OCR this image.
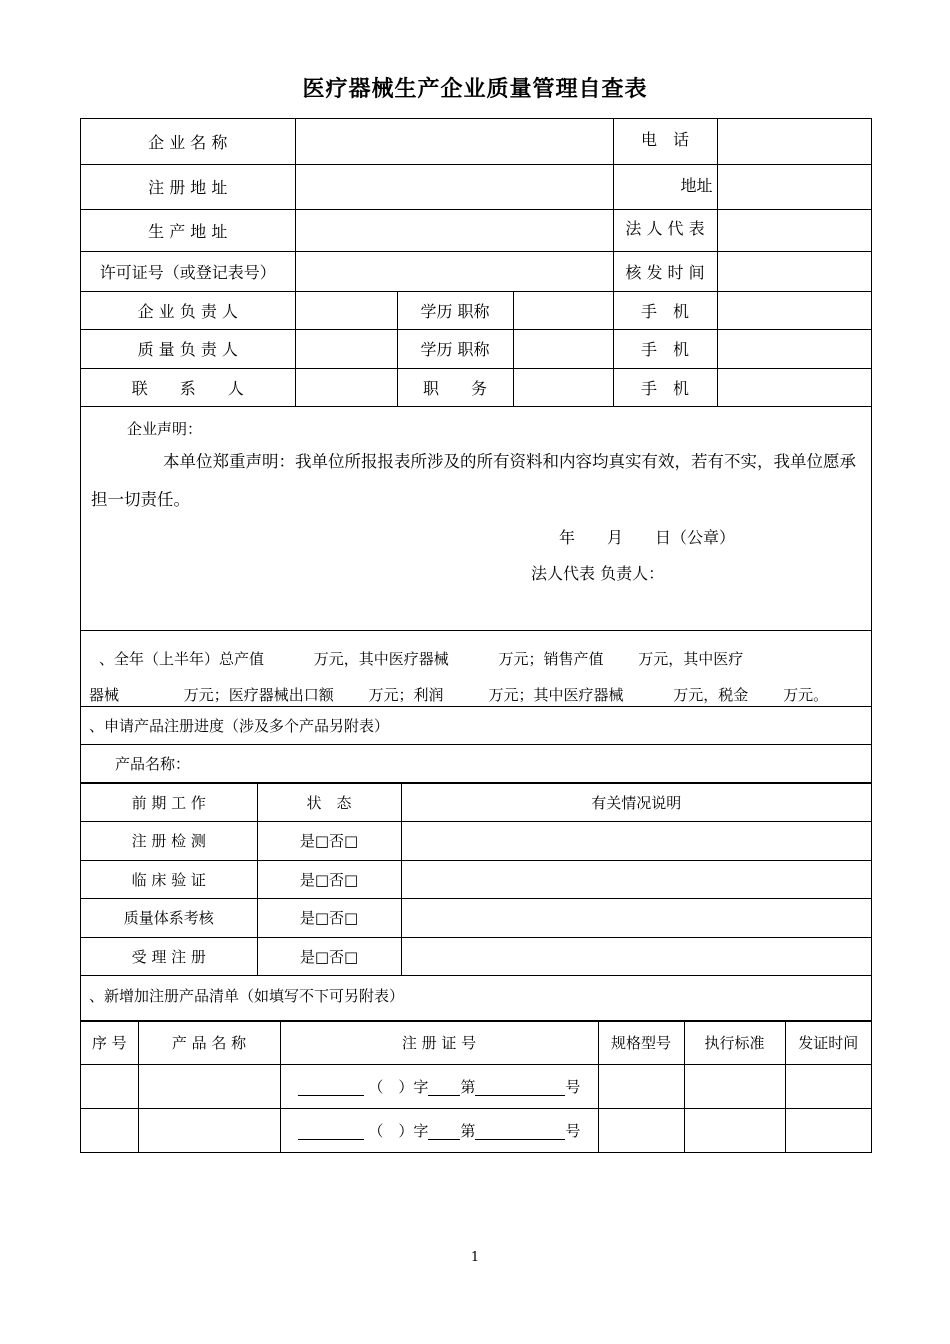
医疗器械生产企业质量管理自查表
企 业 名 称				电　话	
注 册 地 址				地址	
生 产 地 址				法 人 代 表	
许可证号（或登记表号）				核 发 时 间	
企 业 负 责 人		学历 职称		手　机	
质 量 负 责 人		学历 职称		手　机	
联　　系　　人		职　　务		手　机	
企业声明：
本单位郑重声明：我单位所报报表所涉及的所有资料和内容均真实有效，若有不实，我单位愿承担一切责任。
年　　月　　日（公章）
法人代表 负责人：
、全年（上半年）总产值　　　 万元，其中医疗器械　　　 万元；销售产值　　 万元，其中医疗
器械　　　　 万元；医疗器械出口额　　 万元；利润　　　万元；其中医疗器械　　　 万元，税金　　 万元。
、申请产品注册进度（涉及多个产品另附表）
产品名称：
前 期 工 作	状　态	有关情况说明
注 册 检 测	是□否□	
临 床 验 证	是□否□	
质量体系考核	是□否□	
受 理 注 册	是□否□	
、新增加注册产品清单（如填写不下可另附表）
序 号	产 品 名 称	注 册 证 号	规格型号	执行标准	发证时间
		（　）字 第 号			
		（　）字 第 号			
1
